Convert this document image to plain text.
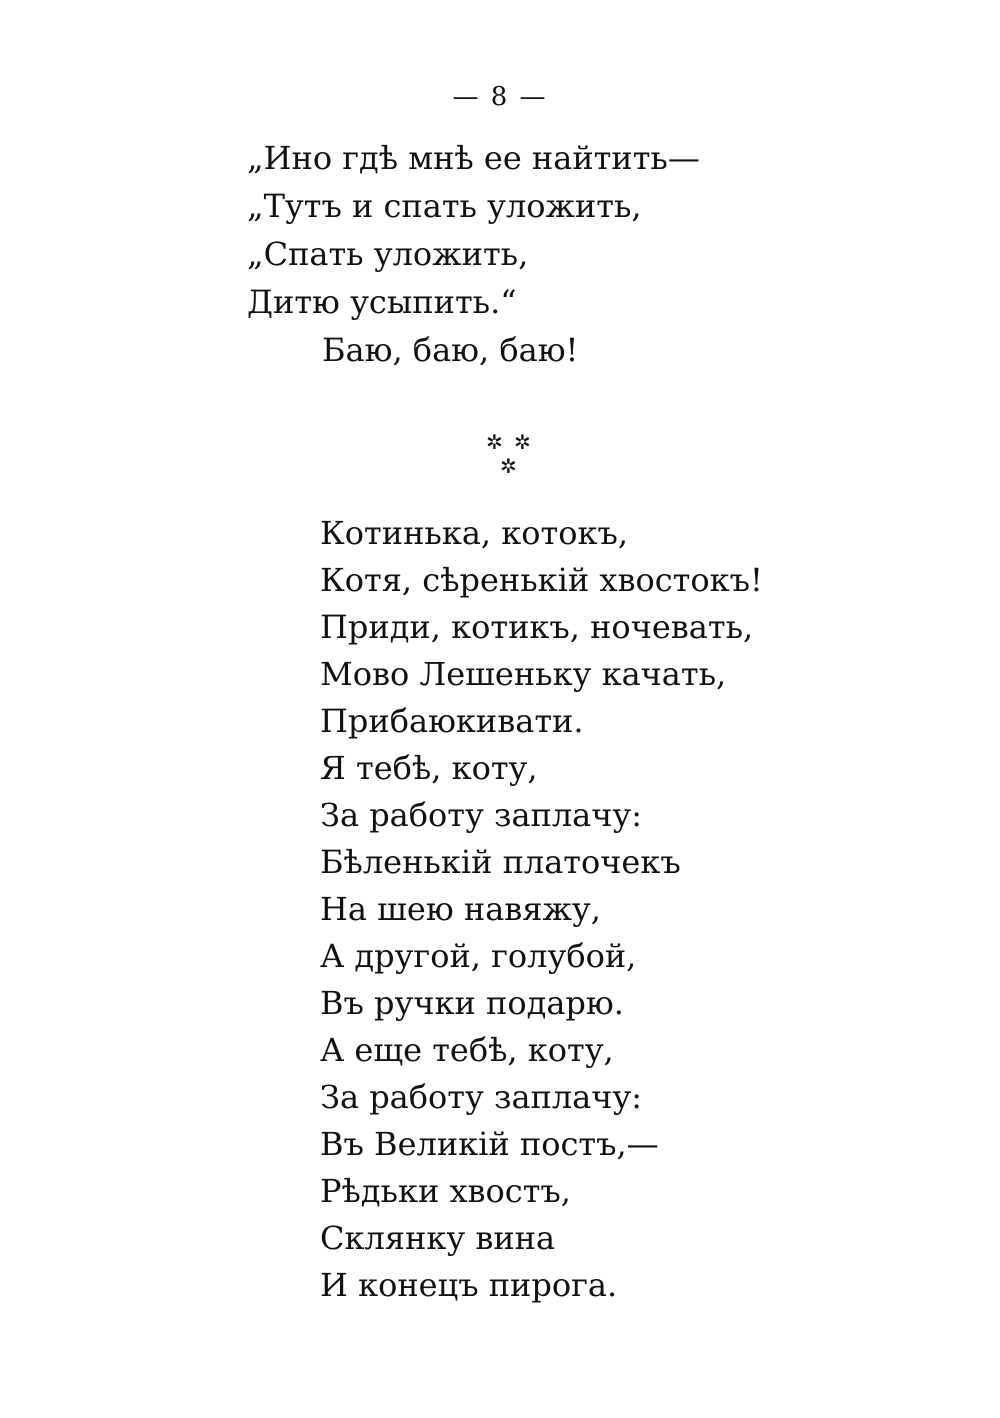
— 8 —
„Ино гдѣ мнѣ ее найтить—
„Тутъ и спать уложить,
„Спать уложить,
Дитю усыпить.“
Баю, баю, баю!
✲ ✲
✲
Котинька, котокъ,
Котя, сѣренькій хвостокъ!
Приди, котикъ, ночевать,
Мово Лешеньку качать,
Прибаюкивати.
Я тебѣ, коту,
За работу заплачу:
Бѣленькій платочекъ
На шею навяжу,
А другой, голубой,
Въ ручки подарю.
А еще тебѣ, коту,
За работу заплачу:
Въ Великій постъ,—
Рѣдьки хвостъ,
Склянку вина
И конецъ пирога.
